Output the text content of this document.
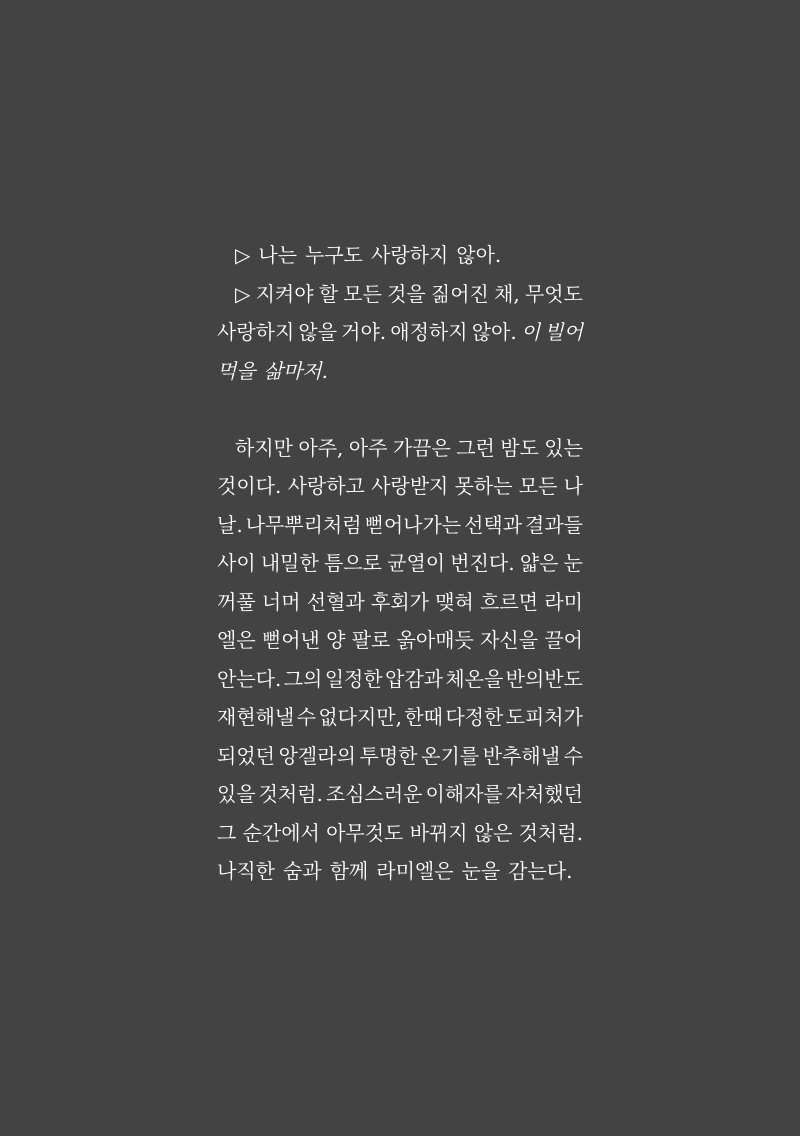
▷ 나는 누구도 사랑하지 않아.
▷ 지켜야 할 모든 것을 짊어진 채, 무엇도
사랑하지 않을 거야. 애정하지 않아. 이 빌어
먹을 삶마저.
하지만 아주, 아주 가끔은 그런 밤도 있는
것이다. 사랑하고 사랑받지 못하는 모든 나
날. 나무뿌리처럼 뻗어나가는 선택과 결과들
사이 내밀한 틈으로 균열이 번진다. 얇은 눈
꺼풀 너머 선혈과 후회가 맺혀 흐르면 라미
엘은 뻗어낸 양 팔로 옭아매듯 자신을 끌어
안는다. 그의 일정한 압감과 체온을 반의반도
재현해낼 수 없다지만, 한때 다정한 도피처가
되었던 앙겔라의 투명한 온기를 반추해낼 수
있을 것처럼. 조심스러운 이해자를 자처했던
그 순간에서 아무것도 바뀌지 않은 것처럼.
나직한 숨과 함께 라미엘은 눈을 감는다.
